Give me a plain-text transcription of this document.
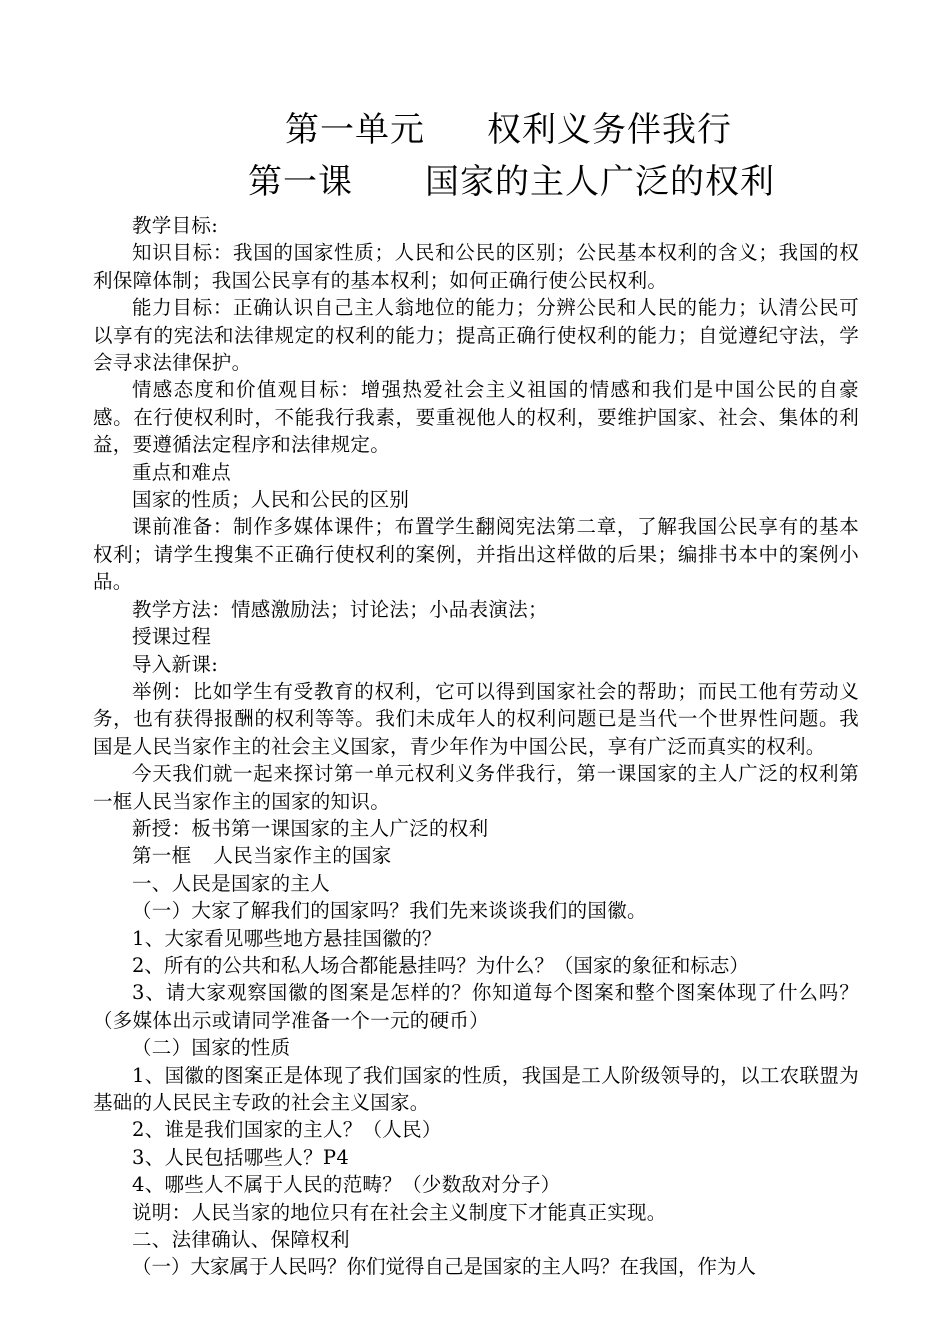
第一单元 权利义务伴我行
第一课 国家的主人广泛的权利

教学目标:

知识目标：我国的国家性质；人民和公民的区别；公民基本权利的含义；我国的权利保障体制；我国公民享有的基本权利；如何正确行使公民权利。

能力目标：正确认识自己主人翁地位的能力；分辨公民和人民的能力；认清公民可以享有的宪法和法律规定的权利的能力；提高正确行使权利的能力；自觉遵纪守法，学会寻求法律保护。

情感态度和价值观目标：增强热爱社会主义祖国的情感和我们是中国公民的自豪感。在行使权利时，不能我行我素，要重视他人的权利，要维护国家、社会、集体的利益，要遵循法定程序和法律规定。

重点和难点

国家的性质；人民和公民的区别

课前准备：制作多媒体课件；布置学生翻阅宪法第二章，了解我国公民享有的基本权利；请学生搜集不正确行使权利的案例，并指出这样做的后果；编排书本中的案例小品。

教学方法：情感激励法；讨论法；小品表演法；

授课过程

导入新课:

举例：比如学生有受教育的权利，它可以得到国家社会的帮助；而民工他有劳动义务，也有获得报酬的权利等等。我们未成年人的权利问题已是当代一个世界性问题。我国是人民当家作主的社会主义国家，青少年作为中国公民，享有广泛而真实的权利。

今天我们就一起来探讨第一单元权利义务伴我行，第一课国家的主人广泛的权利第一框人民当家作主的国家的知识。

新授：板书第一课国家的主人广泛的权利

第一框 人民当家作主的国家

一、人民是国家的主人

（一）大家了解我们的国家吗？我们先来谈谈我们的国徽。

1、大家看见哪些地方悬挂国徽的？

2、所有的公共和私人场合都能悬挂吗？为什么？（国家的象征和标志）

3、请大家观察国徽的图案是怎样的？你知道每个图案和整个图案体现了什么吗？（多媒体出示或请同学准备一个一元的硬币）

（二）国家的性质

1、国徽的图案正是体现了我们国家的性质，我国是工人阶级领导的，以工农联盟为基础的人民民主专政的社会主义国家。

2、谁是我们国家的主人？（人民）

3、人民包括哪些人？P4

4、哪些人不属于人民的范畴？（少数敌对分子）

说明：人民当家的地位只有在社会主义制度下才能真正实现。

二、法律确认、保障权利

（一）大家属于人民吗？你们觉得自己是国家的主人吗？在我国，作为人
